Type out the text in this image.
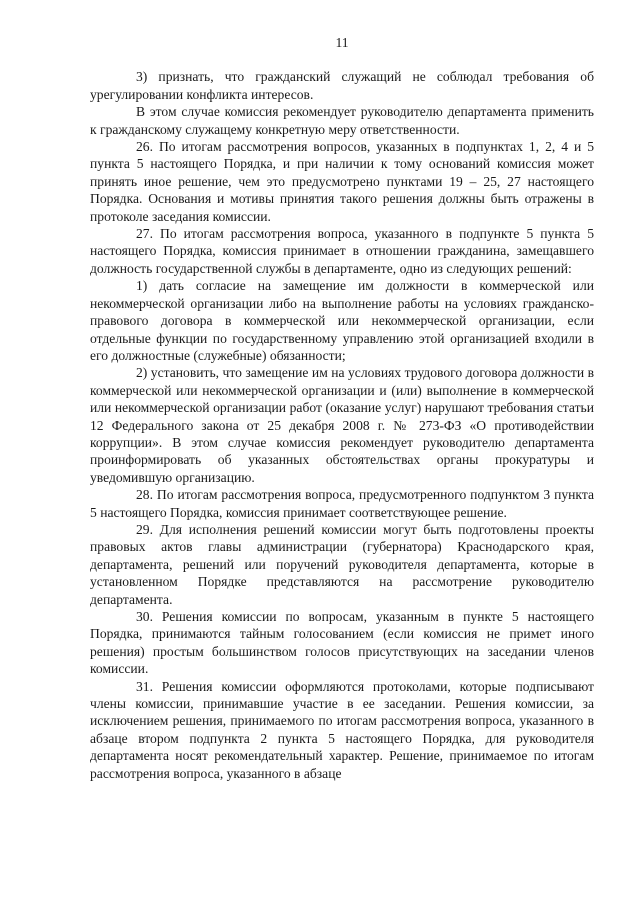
11

3) признать, что гражданский служащий не соблюдал требования об урегулировании конфликта интересов.

В этом случае комиссия рекомендует руководителю департамента применить к гражданскому служащему конкретную меру ответственности.

26. По итогам рассмотрения вопросов, указанных в подпунктах 1, 2, 4 и 5 пункта 5 настоящего Порядка, и при наличии к тому оснований комиссия может принять иное решение, чем это предусмотрено пунктами 19 – 25, 27 настоящего Порядка. Основания и мотивы принятия такого решения должны быть отражены в протоколе заседания комиссии.

27. По итогам рассмотрения вопроса, указанного в подпункте 5 пункта 5 настоящего Порядка, комиссия принимает в отношении гражданина, замещавшего должность государственной службы в департаменте, одно из следующих решений:

1) дать согласие на замещение им должности в коммерческой или некоммерческой организации либо на выполнение работы на условиях гражданско-правового договора в коммерческой или некоммерческой организации, если отдельные функции по государственному управлению этой организацией входили в его должностные (служебные) обязанности;

2) установить, что замещение им на условиях трудового договора должности в коммерческой или некоммерческой организации и (или) выполнение в коммерческой или некоммерческой организации работ (оказание услуг) нарушают требования статьи 12 Федерального закона от 25 декабря 2008 г. № 273-ФЗ «О противодействии коррупции». В этом случае комиссия рекомендует руководителю департамента проинформировать об указанных обстоятельствах органы прокуратуры и уведомившую организацию.

28. По итогам рассмотрения вопроса, предусмотренного подпунктом 3 пункта 5 настоящего Порядка, комиссия принимает соответствующее решение.

29. Для исполнения решений комиссии могут быть подготовлены проекты правовых актов главы администрации (губернатора) Краснодарского края, департамента, решений или поручений руководителя департамента, которые в установленном Порядке представляются на рассмотрение руководителю департамента.

30. Решения комиссии по вопросам, указанным в пункте 5 настоящего Порядка, принимаются тайным голосованием (если комиссия не примет иного решения) простым большинством голосов присутствующих на заседании членов комиссии.

31. Решения комиссии оформляются протоколами, которые подписывают члены комиссии, принимавшие участие в ее заседании. Решения комиссии, за исключением решения, принимаемого по итогам рассмотрения вопроса, указанного в абзаце втором подпункта 2 пункта 5 настоящего Порядка, для руководителя департамента носят рекомендательный характер. Решение, принимаемое по итогам рассмотрения вопроса, указанного в абзаце
